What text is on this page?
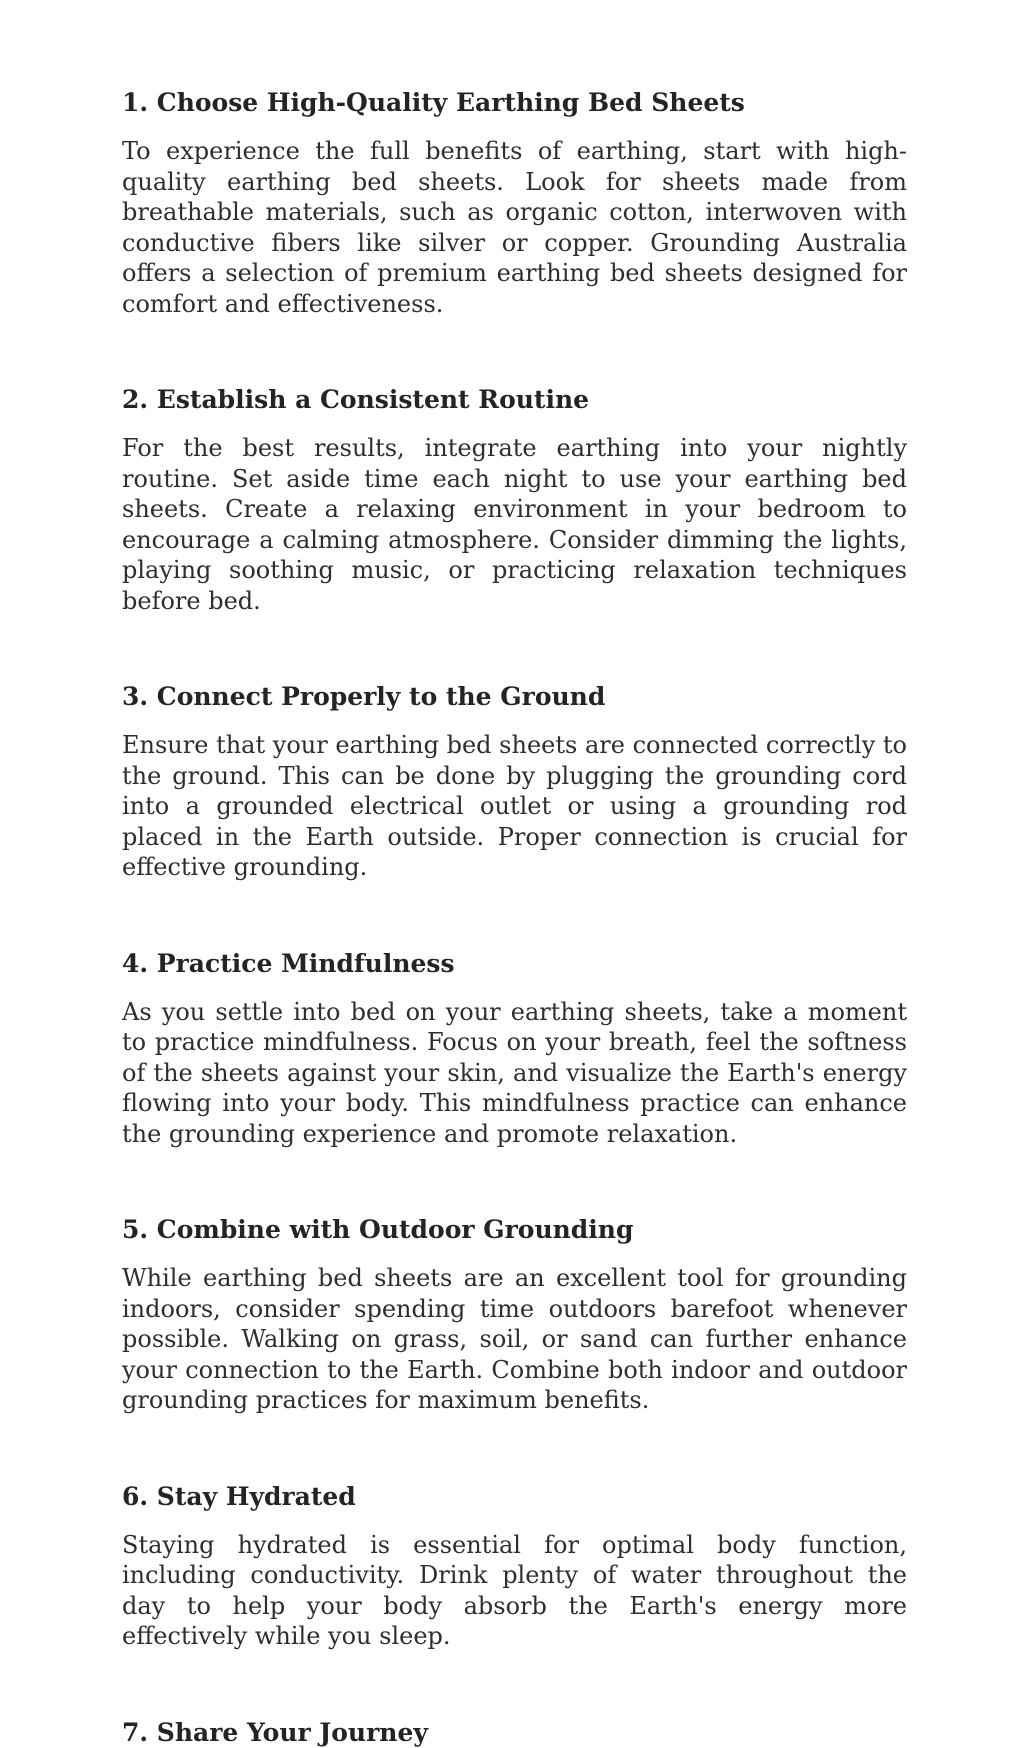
1. Choose High-Quality Earthing Bed Sheets

To experience the full benefits of earthing, start with high-quality earthing bed sheets. Look for sheets made from breathable materials, such as organic cotton, interwoven with conductive fibers like silver or copper. Grounding Australia offers a selection of premium earthing bed sheets designed for comfort and effectiveness.

2. Establish a Consistent Routine

For the best results, integrate earthing into your nightly routine. Set aside time each night to use your earthing bed sheets. Create a relaxing environment in your bedroom to encourage a calming atmosphere. Consider dimming the lights, playing soothing music, or practicing relaxation techniques before bed.

3. Connect Properly to the Ground

Ensure that your earthing bed sheets are connected correctly to the ground. This can be done by plugging the grounding cord into a grounded electrical outlet or using a grounding rod placed in the Earth outside. Proper connection is crucial for effective grounding.

4. Practice Mindfulness

As you settle into bed on your earthing sheets, take a moment to practice mindfulness. Focus on your breath, feel the softness of the sheets against your skin, and visualize the Earth's energy flowing into your body. This mindfulness practice can enhance the grounding experience and promote relaxation.

5. Combine with Outdoor Grounding

While earthing bed sheets are an excellent tool for grounding indoors, consider spending time outdoors barefoot whenever possible. Walking on grass, soil, or sand can further enhance your connection to the Earth. Combine both indoor and outdoor grounding practices for maximum benefits.

6. Stay Hydrated

Staying hydrated is essential for optimal body function, including conductivity. Drink plenty of water throughout the day to help your body absorb the Earth's energy more effectively while you sleep.

7. Share Your Journey
